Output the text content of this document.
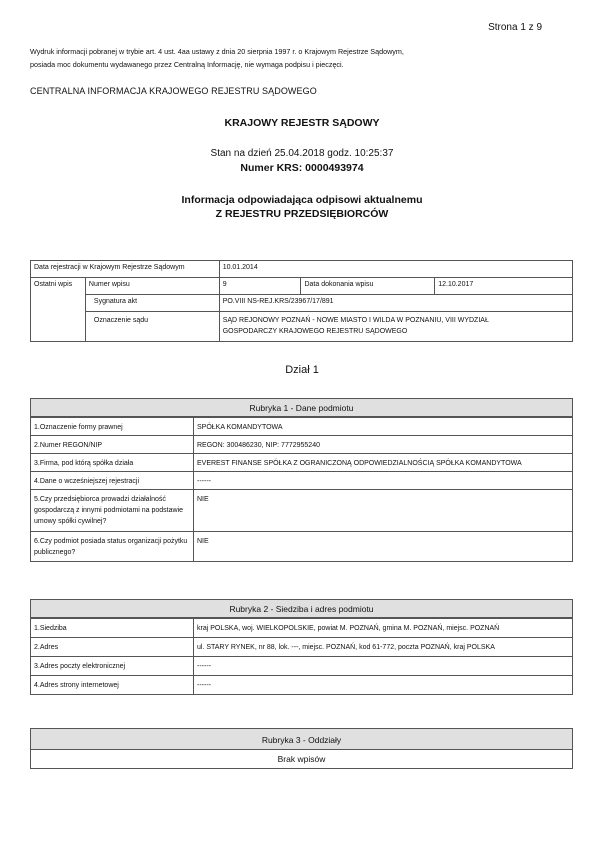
Strona 1 z 9
Wydruk informacji pobranej w trybie art. 4 ust. 4aa ustawy z dnia 20 sierpnia 1997 r. o Krajowym Rejestrze Sądowym,
posiada moc dokumentu wydawanego przez Centralną Informację, nie wymaga podpisu i pieczęci.
CENTRALNA INFORMACJA KRAJOWEGO REJESTRU SĄDOWEGO
KRAJOWY REJESTR SĄDOWY
Stan na dzień 25.04.2018 godz. 10:25:37
Numer KRS: 0000493974
Informacja odpowiadająca odpisowi aktualnemu
Z REJESTRU PRZEDSIĘBIORCÓW
Data rejestracji w Krajowym Rejestrze Sądowym		10.01.2014		
Ostatni wpis	Numer wpisu	9	Data dokonania wpisu	12.10.2017
	Sygnatura akt	PO.VIII NS-REJ.KRS/23967/17/891		
	Oznaczenie sądu	SĄD REJONOWY POZNAŃ - NOWE MIASTO I WILDA W POZNANIU, VIII WYDZIAŁ
GOSPODARCZY KRAJOWEGO REJESTRU SĄDOWEGO		
Dział 1
Rubryka 1 - Dane podmiotu
1.Oznaczenie formy prawnej	SPÓŁKA KOMANDYTOWA
2.Numer REGON/NIP	REGON: 300486230, NIP: 7772955240
3.Firma, pod którą spółka działa	EVEREST FINANSE SPÓŁKA Z OGRANICZONĄ ODPOWIEDZIALNOŚCIĄ SPÓŁKA KOMANDYTOWA
4.Dane o wcześniejszej rejestracji	------
5.Czy przedsiębiorca prowadzi działalność gospodarczą z innymi podmiotami na podstawie umowy spółki cywilnej?	NIE
6.Czy podmiot posiada status organizacji pożytku publicznego?	NIE
Rubryka 2 - Siedziba i adres podmiotu
1.Siedziba	kraj POLSKA, woj. WIELKOPOLSKIE, powiat M. POZNAŃ, gmina M. POZNAŃ, miejsc. POZNAŃ
2.Adres	ul. STARY RYNEK, nr 88, lok. ---, miejsc. POZNAŃ, kod 61-772, poczta POZNAŃ, kraj POLSKA
3.Adres poczty elektronicznej	------
4.Adres strony internetowej	------
Rubryka 3 - Oddziały
Brak wpisów
